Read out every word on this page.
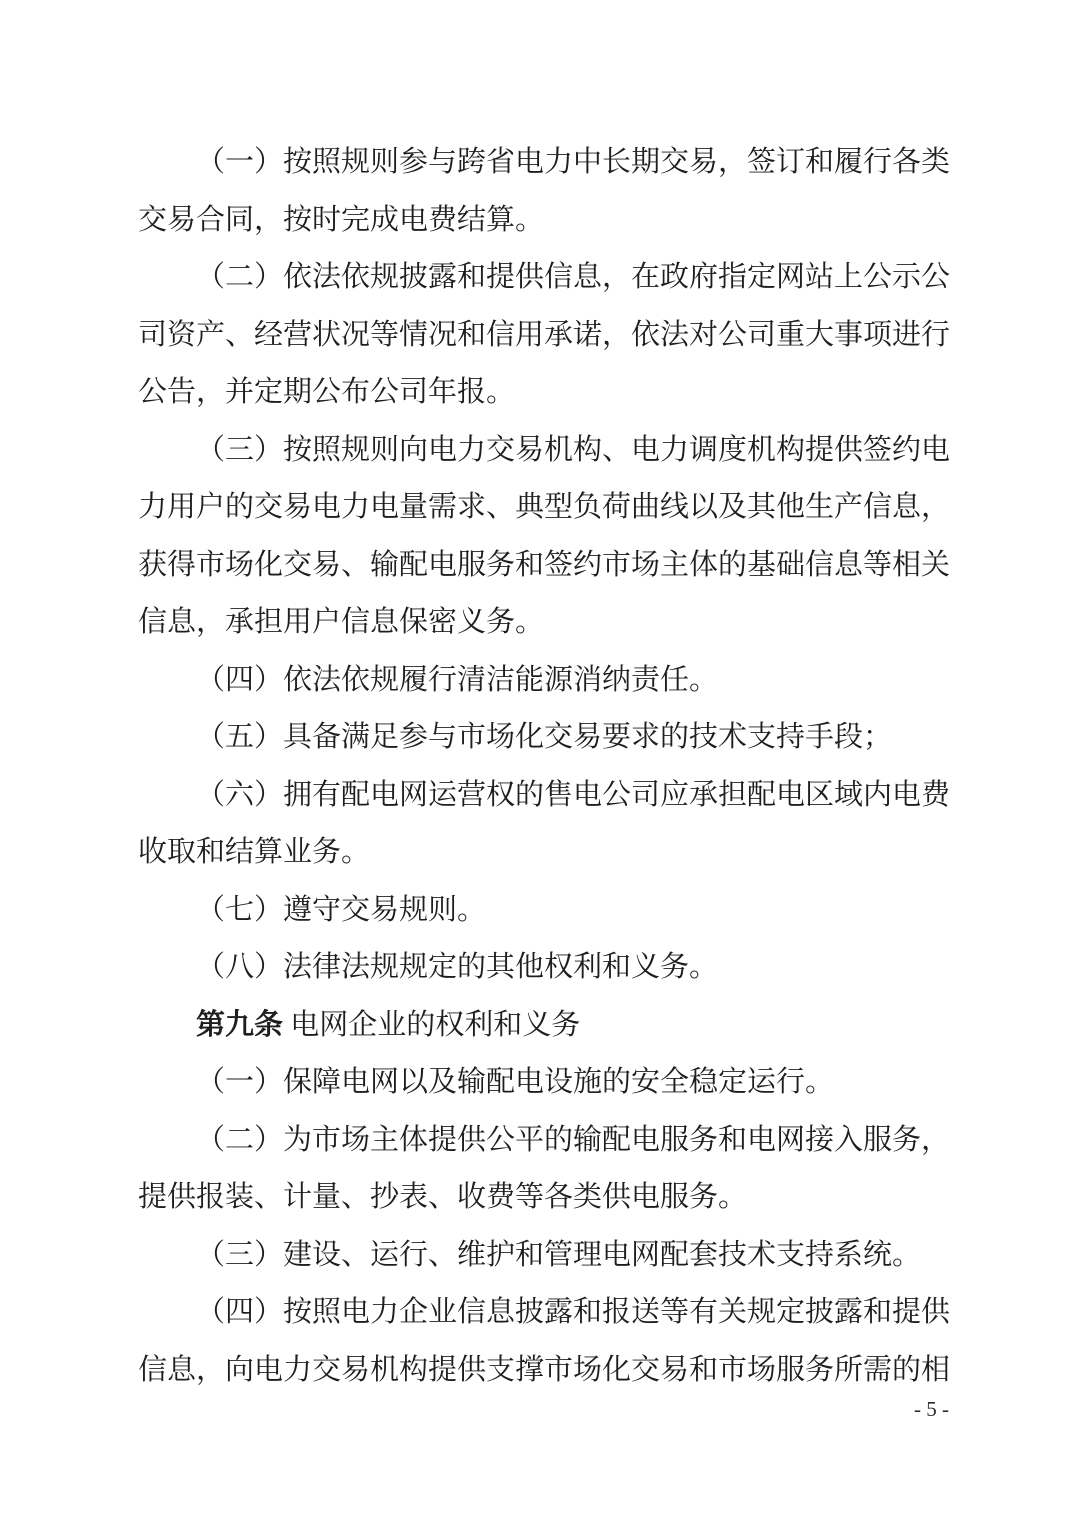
（一）按照规则参与跨省电力中长期交易，签订和履行各类交易合同，按时完成电费结算。

（二）依法依规披露和提供信息，在政府指定网站上公示公司资产、经营状况等情况和信用承诺，依法对公司重大事项进行公告，并定期公布公司年报。

（三）按照规则向电力交易机构、电力调度机构提供签约电力用户的交易电力电量需求、典型负荷曲线以及其他生产信息，获得市场化交易、输配电服务和签约市场主体的基础信息等相关信息，承担用户信息保密义务。

（四）依法依规履行清洁能源消纳责任。

（五）具备满足参与市场化交易要求的技术支持手段；

（六）拥有配电网运营权的售电公司应承担配电区域内电费收取和结算业务。

（七）遵守交易规则。

（八）法律法规规定的其他权利和义务。

第九条 电网企业的权利和义务

（一）保障电网以及输配电设施的安全稳定运行。

（二）为市场主体提供公平的输配电服务和电网接入服务，提供报装、计量、抄表、收费等各类供电服务。

（三）建设、运行、维护和管理电网配套技术支持系统。

（四）按照电力企业信息披露和报送等有关规定披露和提供信息，向电力交易机构提供支撑市场化交易和市场服务所需的相

- 5 -
